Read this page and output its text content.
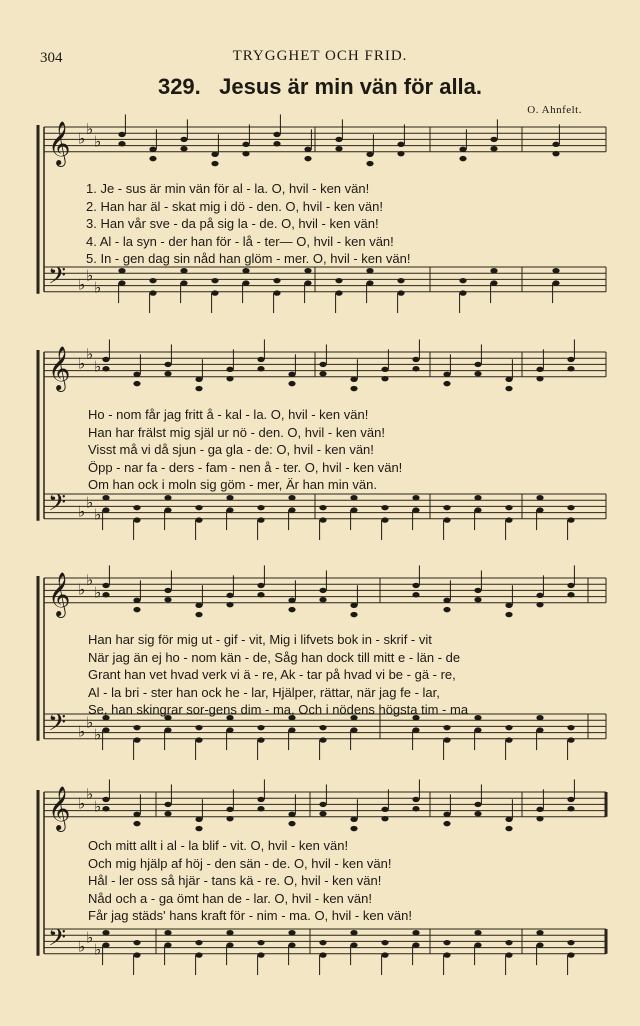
304	TRYGGHET OCH FRID.
329. Jesus är min vän för alla.
O. Ahnfelt.
𝄞
𝄢
♭
♭
♭
♭
♭
♭
𝄞
𝄢
♭
♭
♭
♭
♭
♭
𝄞
𝄢
♭
♭
♭
♭
♭
♭
𝄞
𝄢
♭
♭
♭
♭
♭
♭
1. Je - sus är min vän för al - la. O, hvil - ken vän!
2. Han har äl - skat mig i dö - den. O, hvil - ken vän!
3. Han vår sve - da på sig la - de. O, hvil - ken vän!
4. Al - la syn - der han för - lå - ter— O, hvil - ken vän!
5. In - gen dag sin nåd han glöm - mer. O, hvil - ken vän!
Ho - nom får jag fritt å - kal - la. O, hvil - ken vän!
Han har frälst mig själ ur nö - den. O, hvil - ken vän!
Visst må vi då sjun - ga gla - de: O, hvil - ken vän!
Öpp - nar fa - ders - fam - nen å - ter. O, hvil - ken vän!
Om han ock i moln sig göm - mer, Är han min vän.
Han har sig för mig ut - gif - vit, Mig i lifvets bok in - skrif - vit
När jag än ej ho - nom kän - de, Såg han dock till mitt e - län - de
Grant han vet hvad verk vi ä - re, Ak - tar på hvad vi be - gä - re,
Al - la bri - ster han ock he - lar, Hjälper, rättar, när jag fe - lar,
Se, han skingrar sor-gens dim - ma, Och i nödens högsta tim - ma
Och mitt allt i al - la blif - vit. O, hvil - ken vän!
Och mig hjälp af höj - den sän - de. O, hvil - ken vän!
Hål - ler oss så hjär - tans kä - re. O, hvil - ken vän!
Nåd och a - ga ömt han de - lar. O, hvil - ken vän!
Får jag städs' hans kraft för - nim - ma. O, hvil - ken vän!
